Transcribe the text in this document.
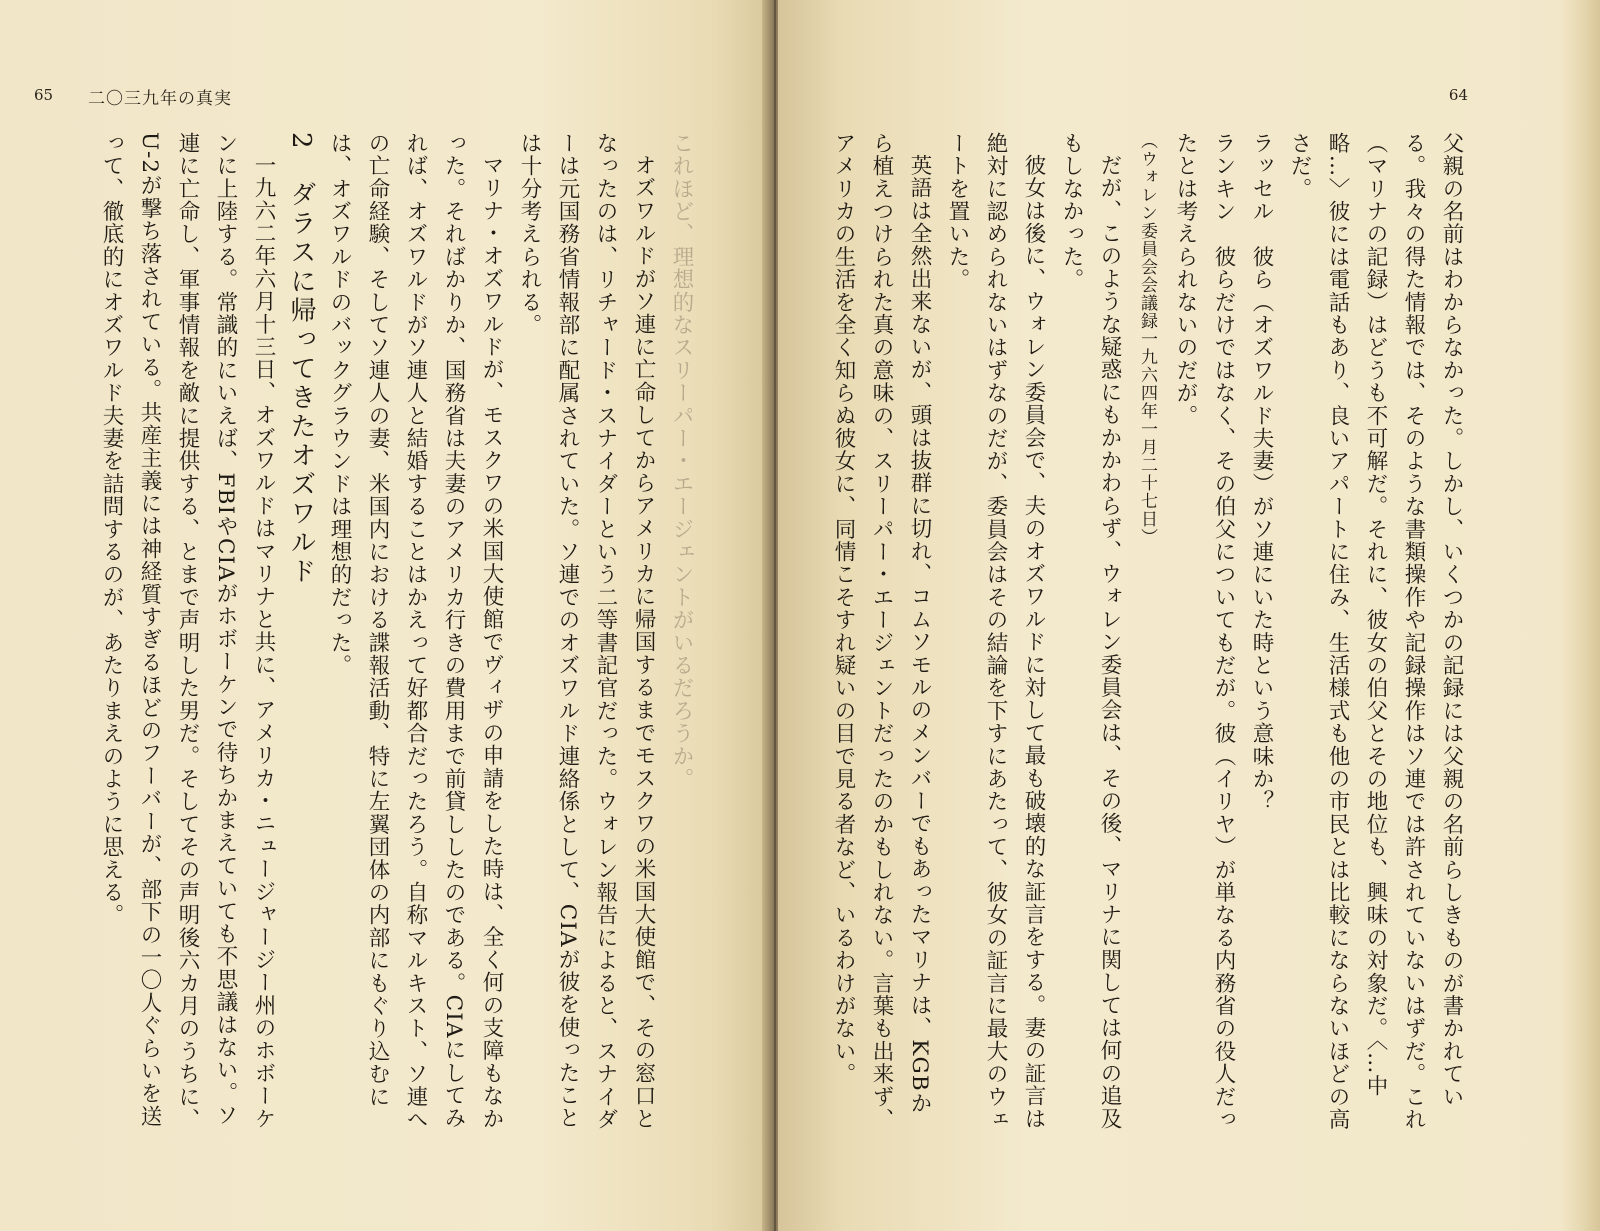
65 二〇三九年の真実

これほど、理想的なスリーパー・エージェントがいるだろうか。

オズワルドがソ連に亡命してからアメリカに帰国するまでモスクワの米国大使館で、その窓口となったのは、リチャード・スナイダーという二等書記官だった。ウォレン報告によると、スナイダーは元国務省情報部に配属されていた。ソ連でのオズワルド連絡係として、CIAが彼を使ったことは十分考えられる。

マリナ・オズワルドが、モスクワの米国大使館でヴィザの申請をした時は、全く何の支障もなかった。そればかりか、国務省は夫妻のアメリカ行きの費用まで前貸ししたのである。CIAにしてみれば、オズワルドがソ連人と結婚することはかえって好都合だったろう。自称マルキスト、ソ連への亡命経験、そしてソ連人の妻、米国内における諜報活動、特に左翼団体の内部にもぐり込むには、オズワルドのバックグラウンドは理想的だった。

2　ダラスに帰ってきたオズワルド

一九六二年六月十三日、オズワルドはマリナと共に、アメリカ・ニュージャージー州のホボーケンに上陸する。常識的にいえば、FBIやCIAがホボーケンで待ちかまえていても不思議はない。ソ連に亡命し、軍事情報を敵に提供する、とまで声明した男だ。そしてその声明後六カ月のうちに、U-2が撃ち落されている。共産主義には神経質すぎるほどのフーバーが、部下の一〇人ぐらいを送って、徹底的にオズワルド夫妻を詰問するのが、あたりまえのように思える。

64

父親の名前はわからなかった。しかし、いくつかの記録には父親の名前らしきものが書かれている。我々の得た情報では、そのような書類操作や記録操作はソ連では許されていないはずだ。これ（マリナの記録）はどうも不可解だ。それに、彼女の伯父とその地位も、興味の対象だ。〈…中略…〉彼には電話もあり、良いアパートに住み、生活様式も他の市民とは比較にならないほどの高さだ。

ラッセル　彼ら（オズワルド夫妻）がソ連にいた時という意味か？

ランキン　彼らだけではなく、その伯父についてもだが。彼（イリヤ）が単なる内務省の役人だったとは考えられないのだが。

（ウォレン委員会会議録一九六四年一月二十七日）

だが、このような疑惑にもかかわらず、ウォレン委員会は、その後、マリナに関しては何の追及もしなかった。

彼女は後に、ウォレン委員会で、夫のオズワルドに対して最も破壊的な証言をする。妻の証言は絶対に認められないはずなのだが、委員会はその結論を下すにあたって、彼女の証言に最大のウェートを置いた。

英語は全然出来ないが、頭は抜群に切れ、コムソモルのメンバーでもあったマリナは、KGBから植えつけられた真の意味の、スリーパー・エージェントだったのかもしれない。言葉も出来ず、アメリカの生活を全く知らぬ彼女に、同情こそすれ疑いの目で見る者など、いるわけがない。
